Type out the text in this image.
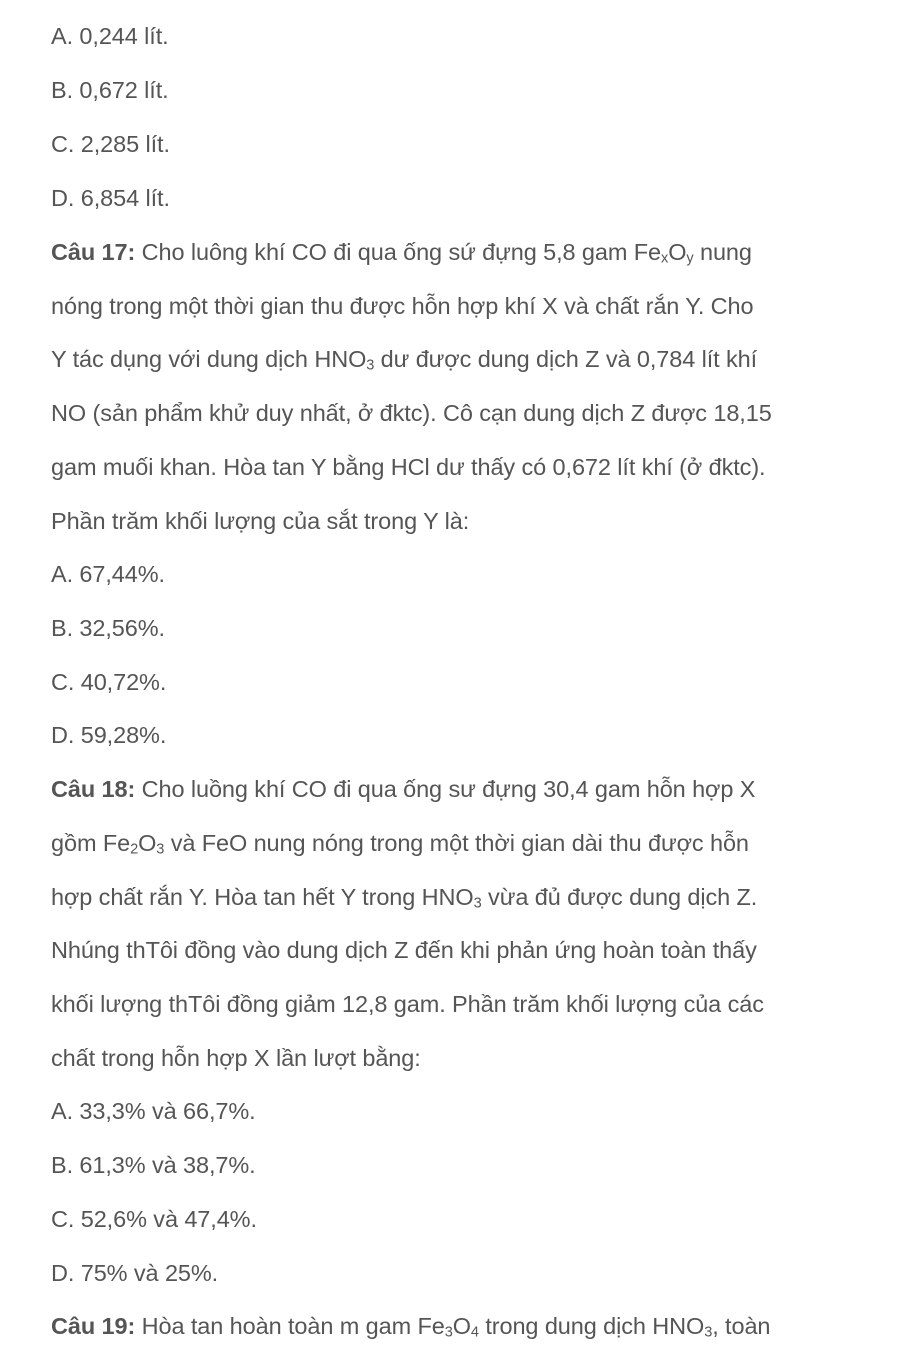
A. 0,244 lít.
B. 0,672 lít.
C. 2,285 lít.
D. 6,854 lít.
Câu 17: Cho luông khí CO đi qua ống sứ đựng 5,8 gam $Fe_xO_y$ nung
nóng trong một thời gian thu được hỗn hợp khí X và chất rắn Y. Cho
Y tác dụng với dung dịch $HNO_3$ dư được dung dịch Z và 0,784 lít khí
NO (sản phẩm khử duy nhất, ở đktc). Cô cạn dung dịch Z được 18,15
gam muối khan. Hòa tan Y bằng HCl dư thấy có 0,672 lít khí (ở đktc).
Phần trăm khối lượng của sắt trong Y là:
A. 67,44%.
B. 32,56%.
C. 40,72%.
D. 59,28%.
Câu 18: Cho luồng khí CO đi qua ống sư đựng 30,4 gam hỗn hợp X
gồm $Fe_2O_3$ và FeO nung nóng trong một thời gian dài thu được hỗn
hợp chất rắn Y. Hòa tan hết Y trong $HNO_3$ vừa đủ được dung dịch Z.
Nhúng thTôi đồng vào dung dịch Z đến khi phản ứng hoàn toàn thấy
khối lượng thTôi đồng giảm 12,8 gam. Phần trăm khối lượng của các
chất trong hỗn hợp X lần lượt bằng:
A. 33,3% và 66,7%.
B. 61,3% và 38,7%.
C. 52,6% và 47,4%.
D. 75% và 25%.
Câu 19: Hòa tan hoàn toàn m gam $Fe_3O_4$ trong dung dịch $HNO_3$, toàn
